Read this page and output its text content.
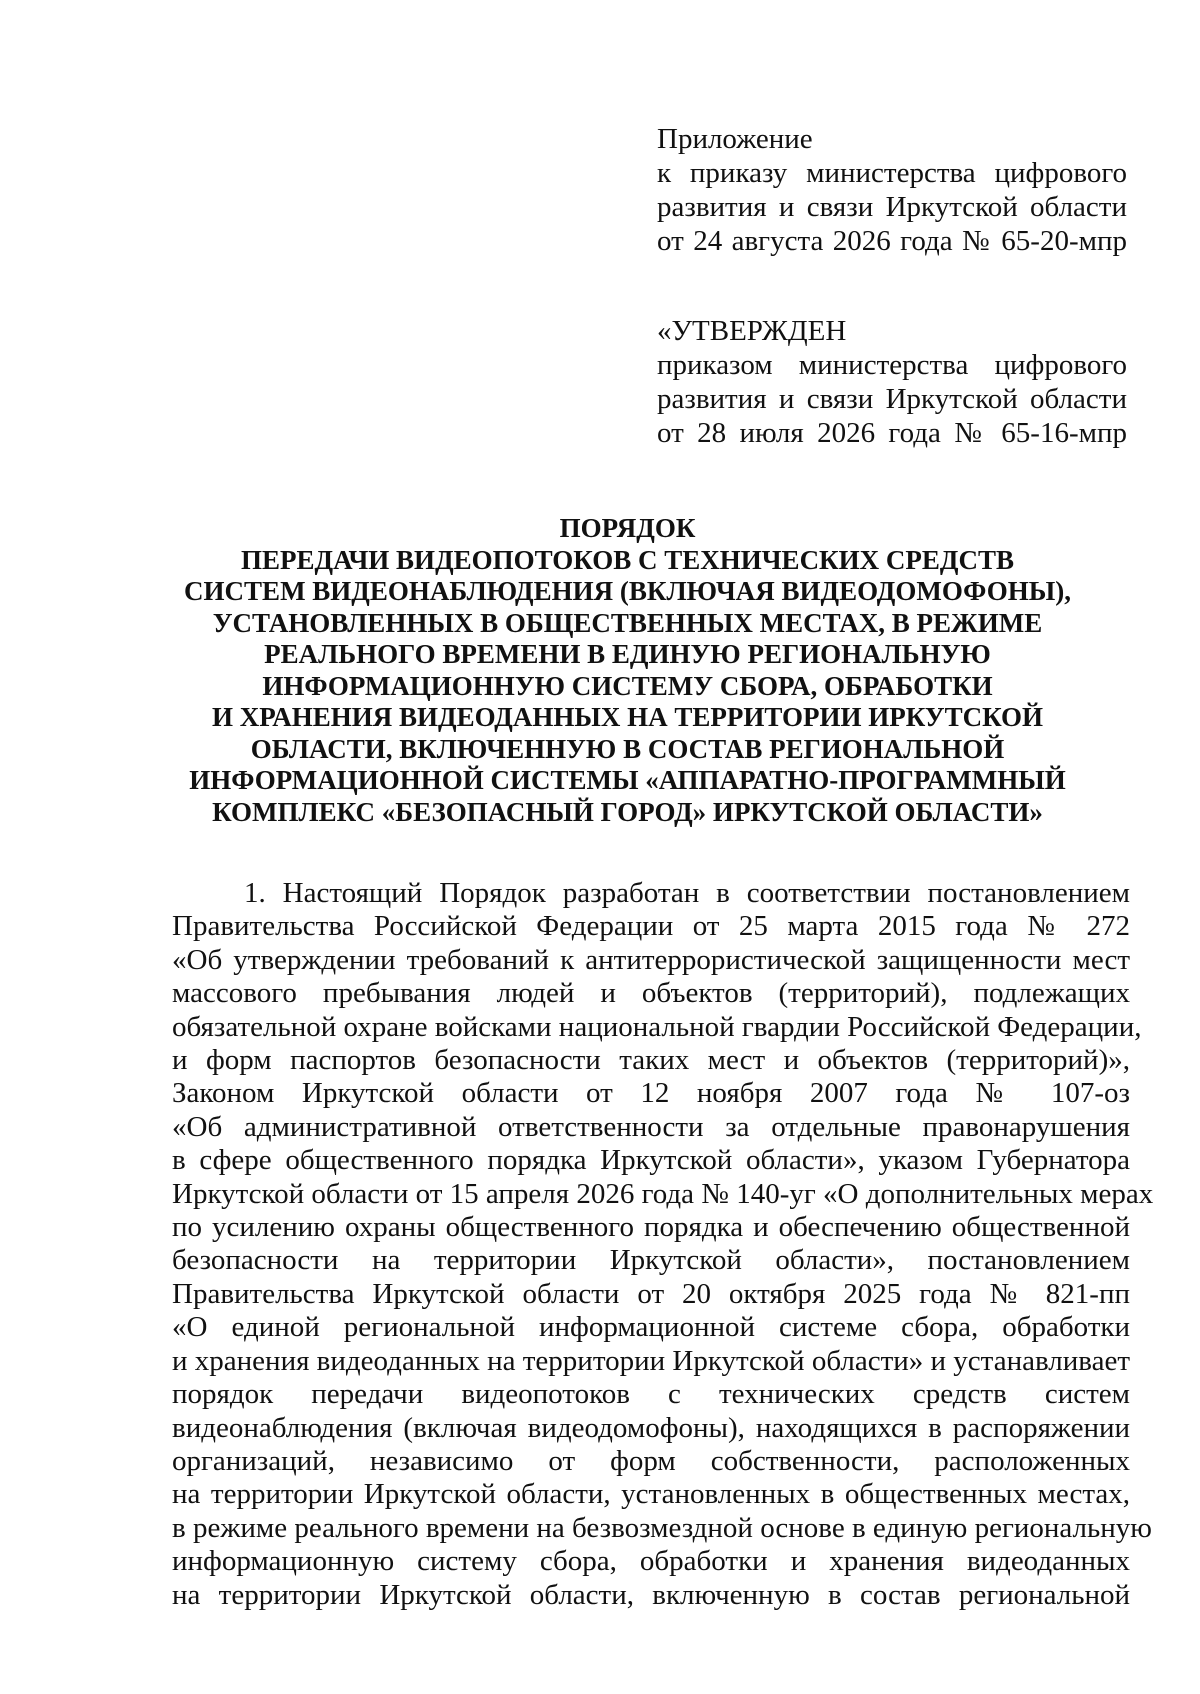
Приложение
к приказу министерства цифрового
развития и связи Иркутской области
от 24 августа 2026 года № 65-20-мпр
«УТВЕРЖДЕН
приказом министерства цифрового
развития и связи Иркутской области
от 28 июля 2026 года № 65-16-мпр
ПОРЯДОК
ПЕРЕДАЧИ ВИДЕОПОТОКОВ С ТЕХНИЧЕСКИХ СРЕДСТВ
СИСТЕМ ВИДЕОНАБЛЮДЕНИЯ (ВКЛЮЧАЯ ВИДЕОДОМОФОНЫ),
УСТАНОВЛЕННЫХ В ОБЩЕСТВЕННЫХ МЕСТАХ, В РЕЖИМЕ
РЕАЛЬНОГО ВРЕМЕНИ В ЕДИНУЮ РЕГИОНАЛЬНУЮ
ИНФОРМАЦИОННУЮ СИСТЕМУ СБОРА, ОБРАБОТКИ
И ХРАНЕНИЯ ВИДЕОДАННЫХ НА ТЕРРИТОРИИ ИРКУТСКОЙ
ОБЛАСТИ, ВКЛЮЧЕННУЮ В СОСТАВ РЕГИОНАЛЬНОЙ
ИНФОРМАЦИОННОЙ СИСТЕМЫ «АППАРАТНО-ПРОГРАММНЫЙ
КОМПЛЕКС «БЕЗОПАСНЫЙ ГОРОД» ИРКУТСКОЙ ОБЛАСТИ»
1. Настоящий Порядок разработан в соответствии постановлением
Правительства Российской Федерации от 25 марта 2015 года № 272
«Об утверждении требований к антитеррористической защищенности мест
массового пребывания людей и объектов (территорий), подлежащих
обязательной охране войсками национальной гвардии Российской Федерации,
и форм паспортов безопасности таких мест и объектов (территорий)»,
Законом Иркутской области от 12 ноября 2007 года № 107-оз
«Об административной ответственности за отдельные правонарушения
в сфере общественного порядка Иркутской области», указом Губернатора
Иркутской области от 15 апреля 2026 года № 140-уг «О дополнительных мерах
по усилению охраны общественного порядка и обеспечению общественной
безопасности на территории Иркутской области», постановлением
Правительства Иркутской области от 20 октября 2025 года № 821-пп
«О единой региональной информационной системе сбора, обработки
и хранения видеоданных на территории Иркутской области» и устанавливает
порядок передачи видеопотоков с технических средств систем
видеонаблюдения (включая видеодомофоны), находящихся в распоряжении
организаций, независимо от форм собственности, расположенных
на территории Иркутской области, установленных в общественных местах,
в режиме реального времени на безвозмездной основе в единую региональную
информационную систему сбора, обработки и хранения видеоданных
на территории Иркутской области, включенную в состав региональной
